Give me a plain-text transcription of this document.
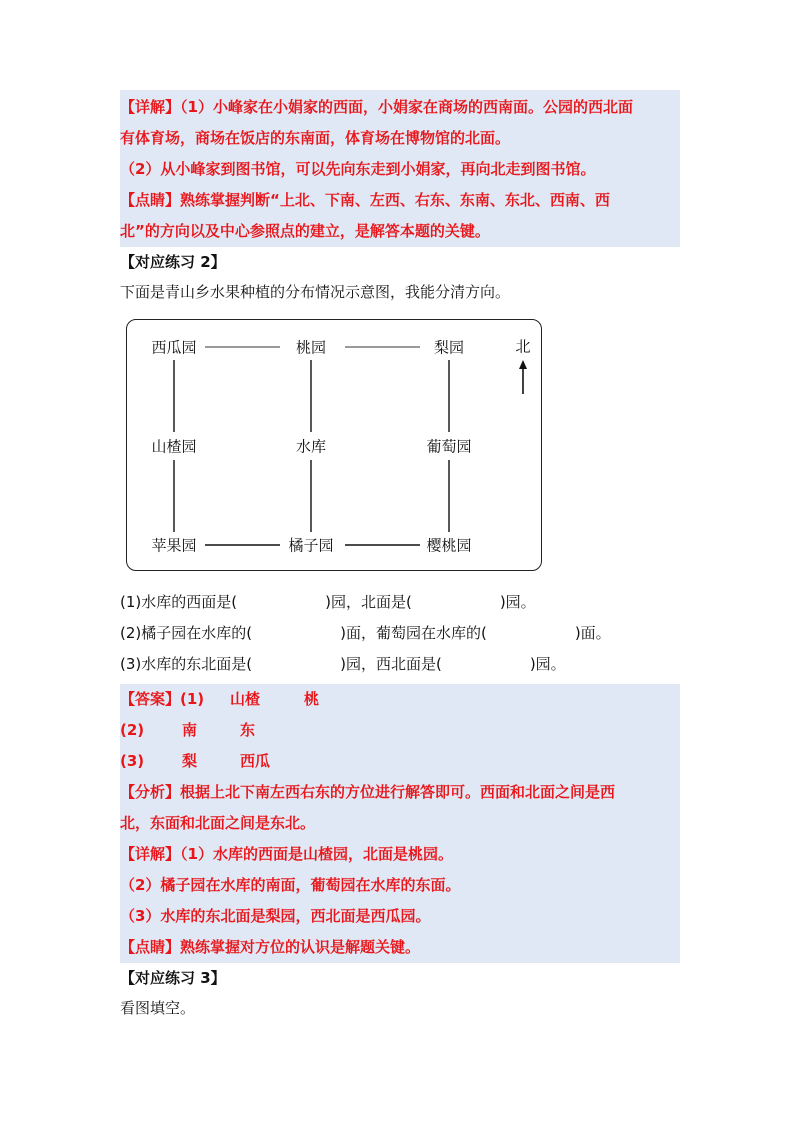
【详解】（1）小峰家在小娟家的西面，小娟家在商场的西南面。公园的西北面
有体育场，商场在饭店的东南面，体育场在博物馆的北面。
（2）从小峰家到图书馆，可以先向东走到小娟家，再向北走到图书馆。
【点睛】熟练掌握判断“上北、下南、左西、右东、东南、东北、西南、西
北”的方向以及中心参照点的建立，是解答本题的关键。
【对应练习 2】
下面是青山乡水果种植的分布情况示意图，我能分清方向。
西瓜园	桃园	梨园	北
山楂园	水库	葡萄园
苹果园	橘子园	樱桃园
(1)水库的西面是(	)园，北面是(	)园。
(2)橘子园在水库的(	)面，葡萄园在水库的(	)面。
(3)水库的东北面是(	)园，西北面是(	)园。
【答案】(1) 山楂	桃
(2)	南	东
(3)	梨	西瓜
【分析】根据上北下南左西右东的方位进行解答即可。西面和北面之间是西
北，东面和北面之间是东北。
【详解】（1）水库的西面是山楂园，北面是桃园。
（2）橘子园在水库的南面，葡萄园在水库的东面。
（3）水库的东北面是梨园，西北面是西瓜园。
【点睛】熟练掌握对方位的认识是解题关键。
【对应练习 3】
看图填空。
